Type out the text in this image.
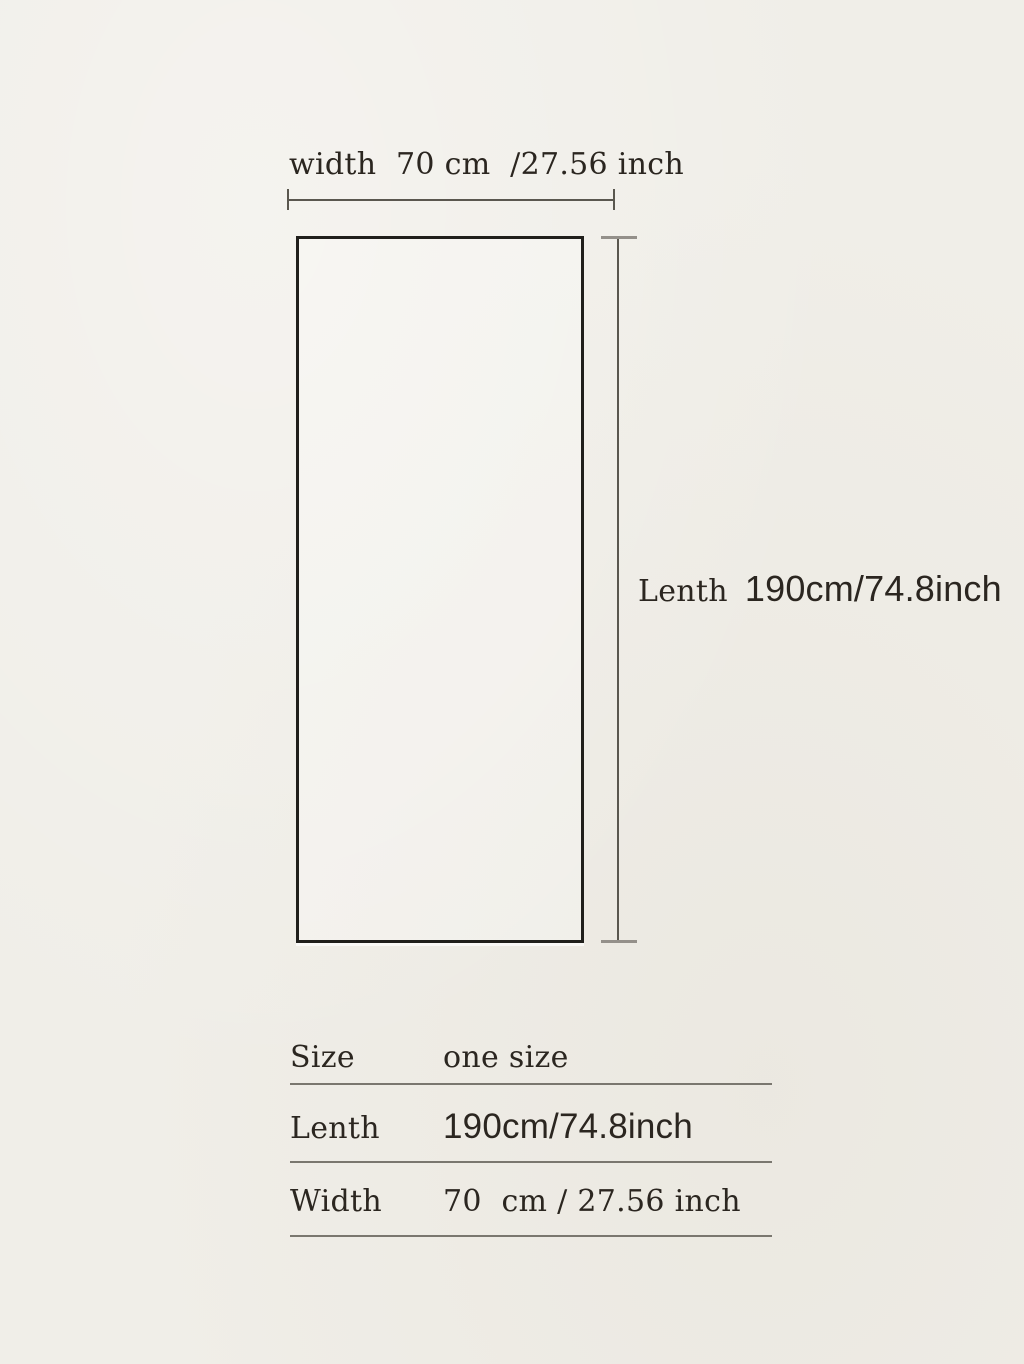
width  70 cm  /27.56 inch
Lenth 190cm/74.8inch
Size	one size
Lenth	190cm/74.8inch
Width	70  cm / 27.56 inch
